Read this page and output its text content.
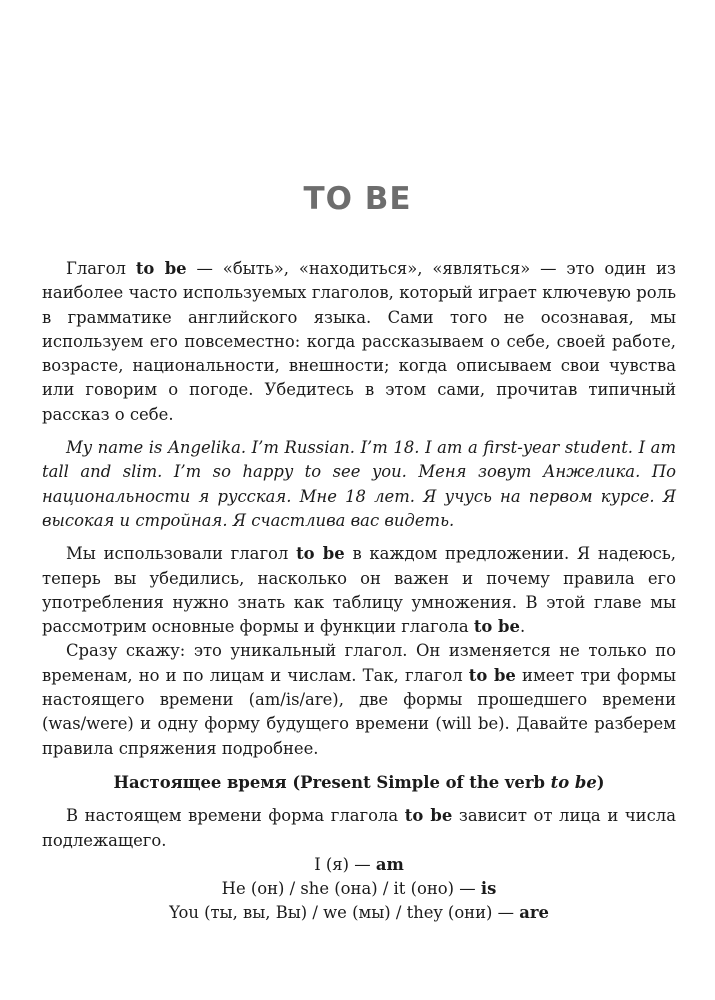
TO BE

Глагол to be — «быть», «находиться», «являться» — это один из наиболее часто используемых глаголов, который играет ключевую роль в грамматике английского языка. Сами того не осознавая, мы используем его повсеместно: когда рассказываем о себе, своей работе, возрасте, национальности, внешности; когда описываем свои чувства или говорим о погоде. Убедитесь в этом сами, прочитав типичный рассказ о себе.

My name is Angelika. I’m Russian. I’m 18. I am a first-year student. I am tall and slim. I’m so happy to see you. Меня зовут Анжелика. По национальности я русская. Мне 18 лет. Я учусь на первом курсе. Я высокая и стройная. Я счастлива вас видеть.

Мы использовали глагол to be в каждом предложении. Я надеюсь, теперь вы убедились, насколько он важен и почему правила его употребления нужно знать как таблицу умножения. В этой главе мы рассмотрим основные формы и функции глагола to be.

Сразу скажу: это уникальный глагол. Он изменяется не только по временам, но и по лицам и числам. Так, глагол to be имеет три формы настоящего времени (am/is/are), две формы прошедшего времени (was/were) и одну форму будущего времени (will be). Давайте разберем правила спряжения подробнее.

Настоящее время (Present Simple of the verb to be)

В настоящем времени форма глагола to be зависит от лица и числа подлежащего.

I (я) — am
He (он) / she (она) / it (оно) — is
You (ты, вы, Вы) / we (мы) / they (они) — are
